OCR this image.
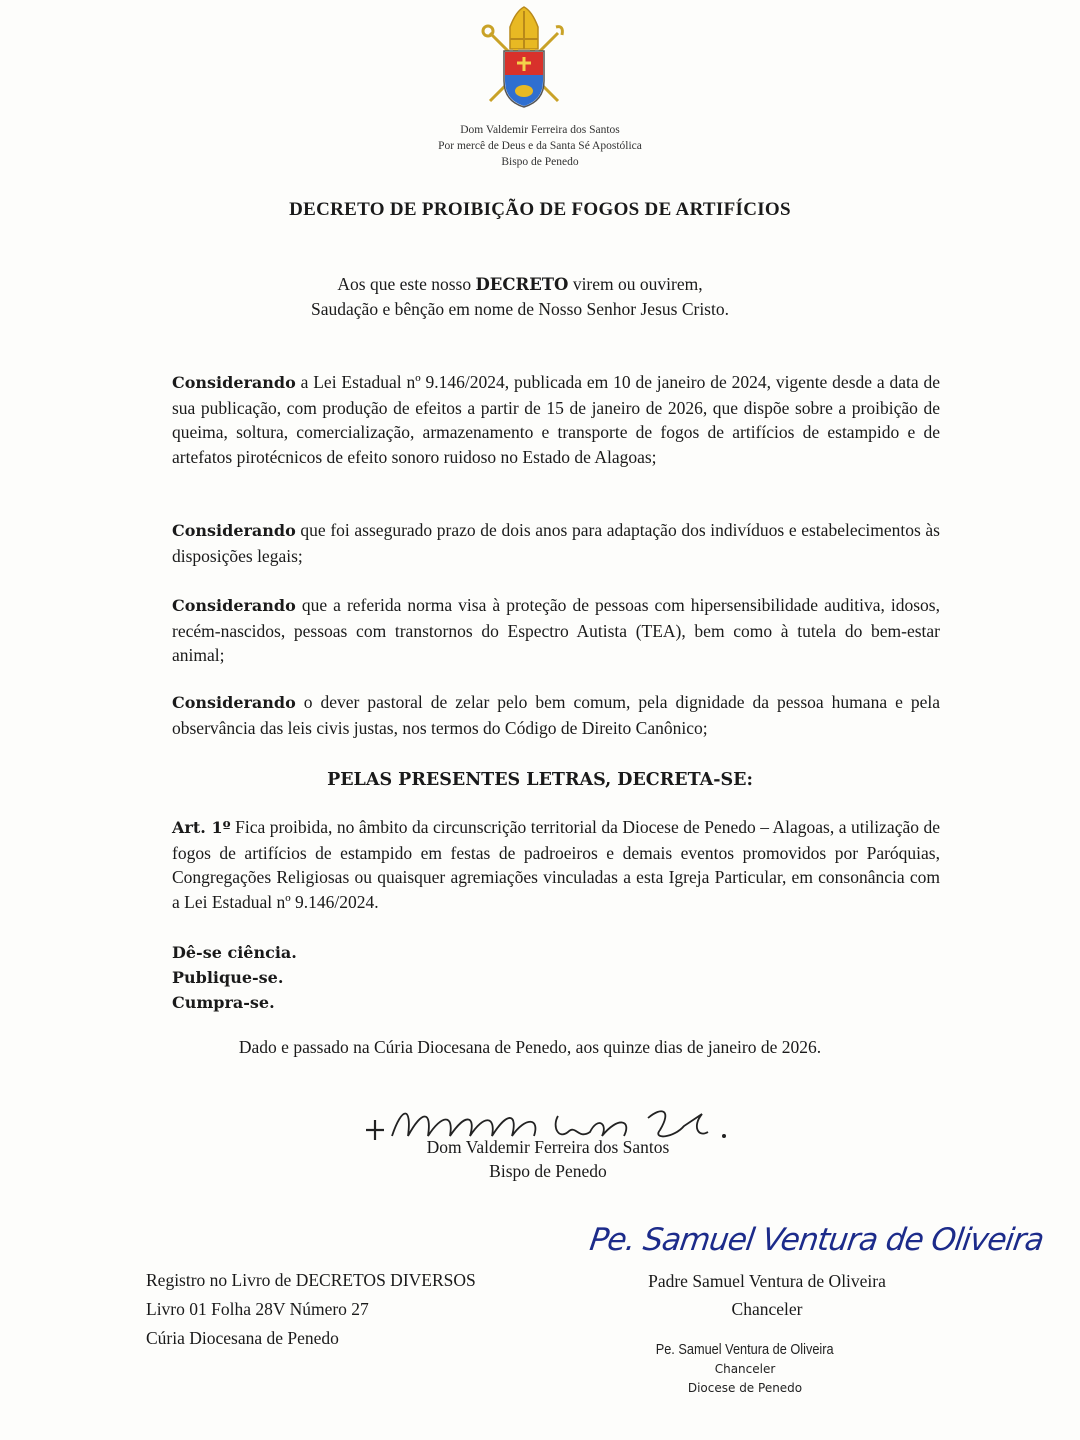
Dom Valdemir Ferreira dos Santos
Por mercê de Deus e da Santa Sé Apostólica
Bispo de Penedo
DECRETO DE PROIBIÇÃO DE FOGOS DE ARTIFÍCIOS
Aos que este nosso DECRETO virem ou ouvirem,
Saudação e bênção em nome de Nosso Senhor Jesus Cristo.
Considerando a Lei Estadual nº 9.146/2024, publicada em 10 de janeiro de 2024, vigente desde a data de sua publicação, com produção de efeitos a partir de 15 de janeiro de 2026, que dispõe sobre a proibição de queima, soltura, comercialização, armazenamento e transporte de fogos de artifícios de estampido e de artefatos pirotécnicos de efeito sonoro ruidoso no Estado de Alagoas;
Considerando que foi assegurado prazo de dois anos para adaptação dos indivíduos e estabelecimentos às disposições legais;
Considerando que a referida norma visa à proteção de pessoas com hipersensibilidade auditiva, idosos, recém-nascidos, pessoas com transtornos do Espectro Autista (TEA), bem como à tutela do bem-estar animal;
Considerando o dever pastoral de zelar pelo bem comum, pela dignidade da pessoa humana e pela observância das leis civis justas, nos termos do Código de Direito Canônico;
PELAS PRESENTES LETRAS, DECRETA-SE:
Art. 1º Fica proibida, no âmbito da circunscrição territorial da Diocese de Penedo – Alagoas, a utilização de fogos de artifícios de estampido em festas de padroeiros e demais eventos promovidos por Paróquias, Congregações Religiosas ou quaisquer agremiações vinculadas a esta Igreja Particular, em consonância com a Lei Estadual nº 9.146/2024.
Dê-se ciência.
Publique-se.
Cumpra-se.
Dado e passado na Cúria Diocesana de Penedo, aos quinze dias de janeiro de 2026.
Dom Valdemir Ferreira dos Santos
Bispo de Penedo
Registro no Livro de DECRETOS DIVERSOS
Livro 01 Folha 28V Número 27
Cúria Diocesana de Penedo
Pe. Samuel Ventura de Oliveira
Padre Samuel Ventura de Oliveira
Chanceler
Pe. Samuel Ventura de Oliveira
Chanceler
Diocese de Penedo
